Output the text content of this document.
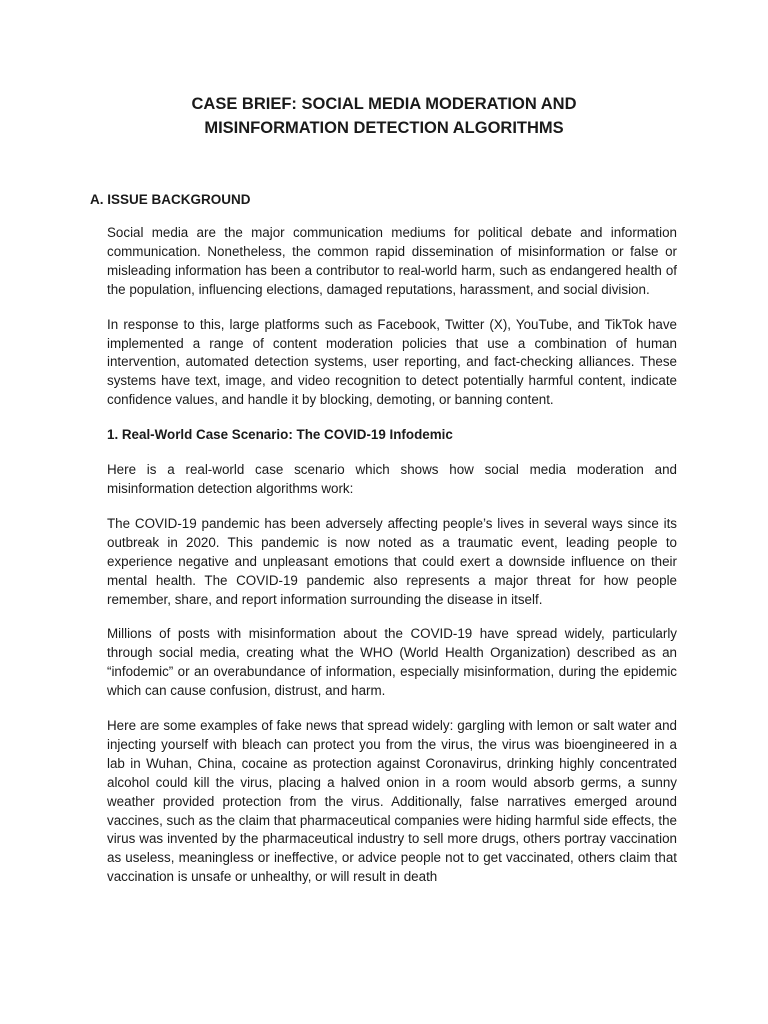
CASE BRIEF: SOCIAL MEDIA MODERATION AND
MISINFORMATION DETECTION ALGORITHMS
A. ISSUE BACKGROUND

Social media are the major communication mediums for political debate and information communication. Nonetheless, the common rapid dissemination of misinformation or false or misleading information has been a contributor to real-world harm, such as endangered health of the population, influencing elections, damaged reputations, harassment, and social division.

In response to this, large platforms such as Facebook, Twitter (X), YouTube, and TikTok have implemented a range of content moderation policies that use a combination of human intervention, automated detection systems, user reporting, and fact-checking alliances. These systems have text, image, and video recognition to detect potentially harmful content, indicate confidence values, and handle it by blocking, demoting, or banning content.

1. Real-World Case Scenario: The COVID-19 Infodemic

Here is a real-world case scenario which shows how social media moderation and misinformation detection algorithms work:

The COVID-19 pandemic has been adversely affecting people’s lives in several ways since its outbreak in 2020. This pandemic is now noted as a traumatic event, leading people to experience negative and unpleasant emotions that could exert a downside influence on their mental health. The COVID-19 pandemic also represents a major threat for how people remember, share, and report information surrounding the disease in itself.

Millions of posts with misinformation about the COVID-19 have spread widely, particularly through social media, creating what the WHO (World Health Organization) described as an “infodemic” or an overabundance of information, especially misinformation, during the epidemic which can cause confusion, distrust, and harm.

Here are some examples of fake news that spread widely: gargling with lemon or salt water and injecting yourself with bleach can protect you from the virus, the virus was bioengineered in a lab in Wuhan, China, cocaine as protection against Coronavirus, drinking highly concentrated alcohol could kill the virus, placing a halved onion in a room would absorb germs, a sunny weather provided protection from the virus. Additionally, false narratives emerged around vaccines, such as the claim that pharmaceutical companies were hiding harmful side effects, the virus was invented by the pharmaceutical industry to sell more drugs, others portray vaccination as useless, meaningless or ineffective, or advice people not to get vaccinated, others claim that vaccination is unsafe or unhealthy, or will result in death
